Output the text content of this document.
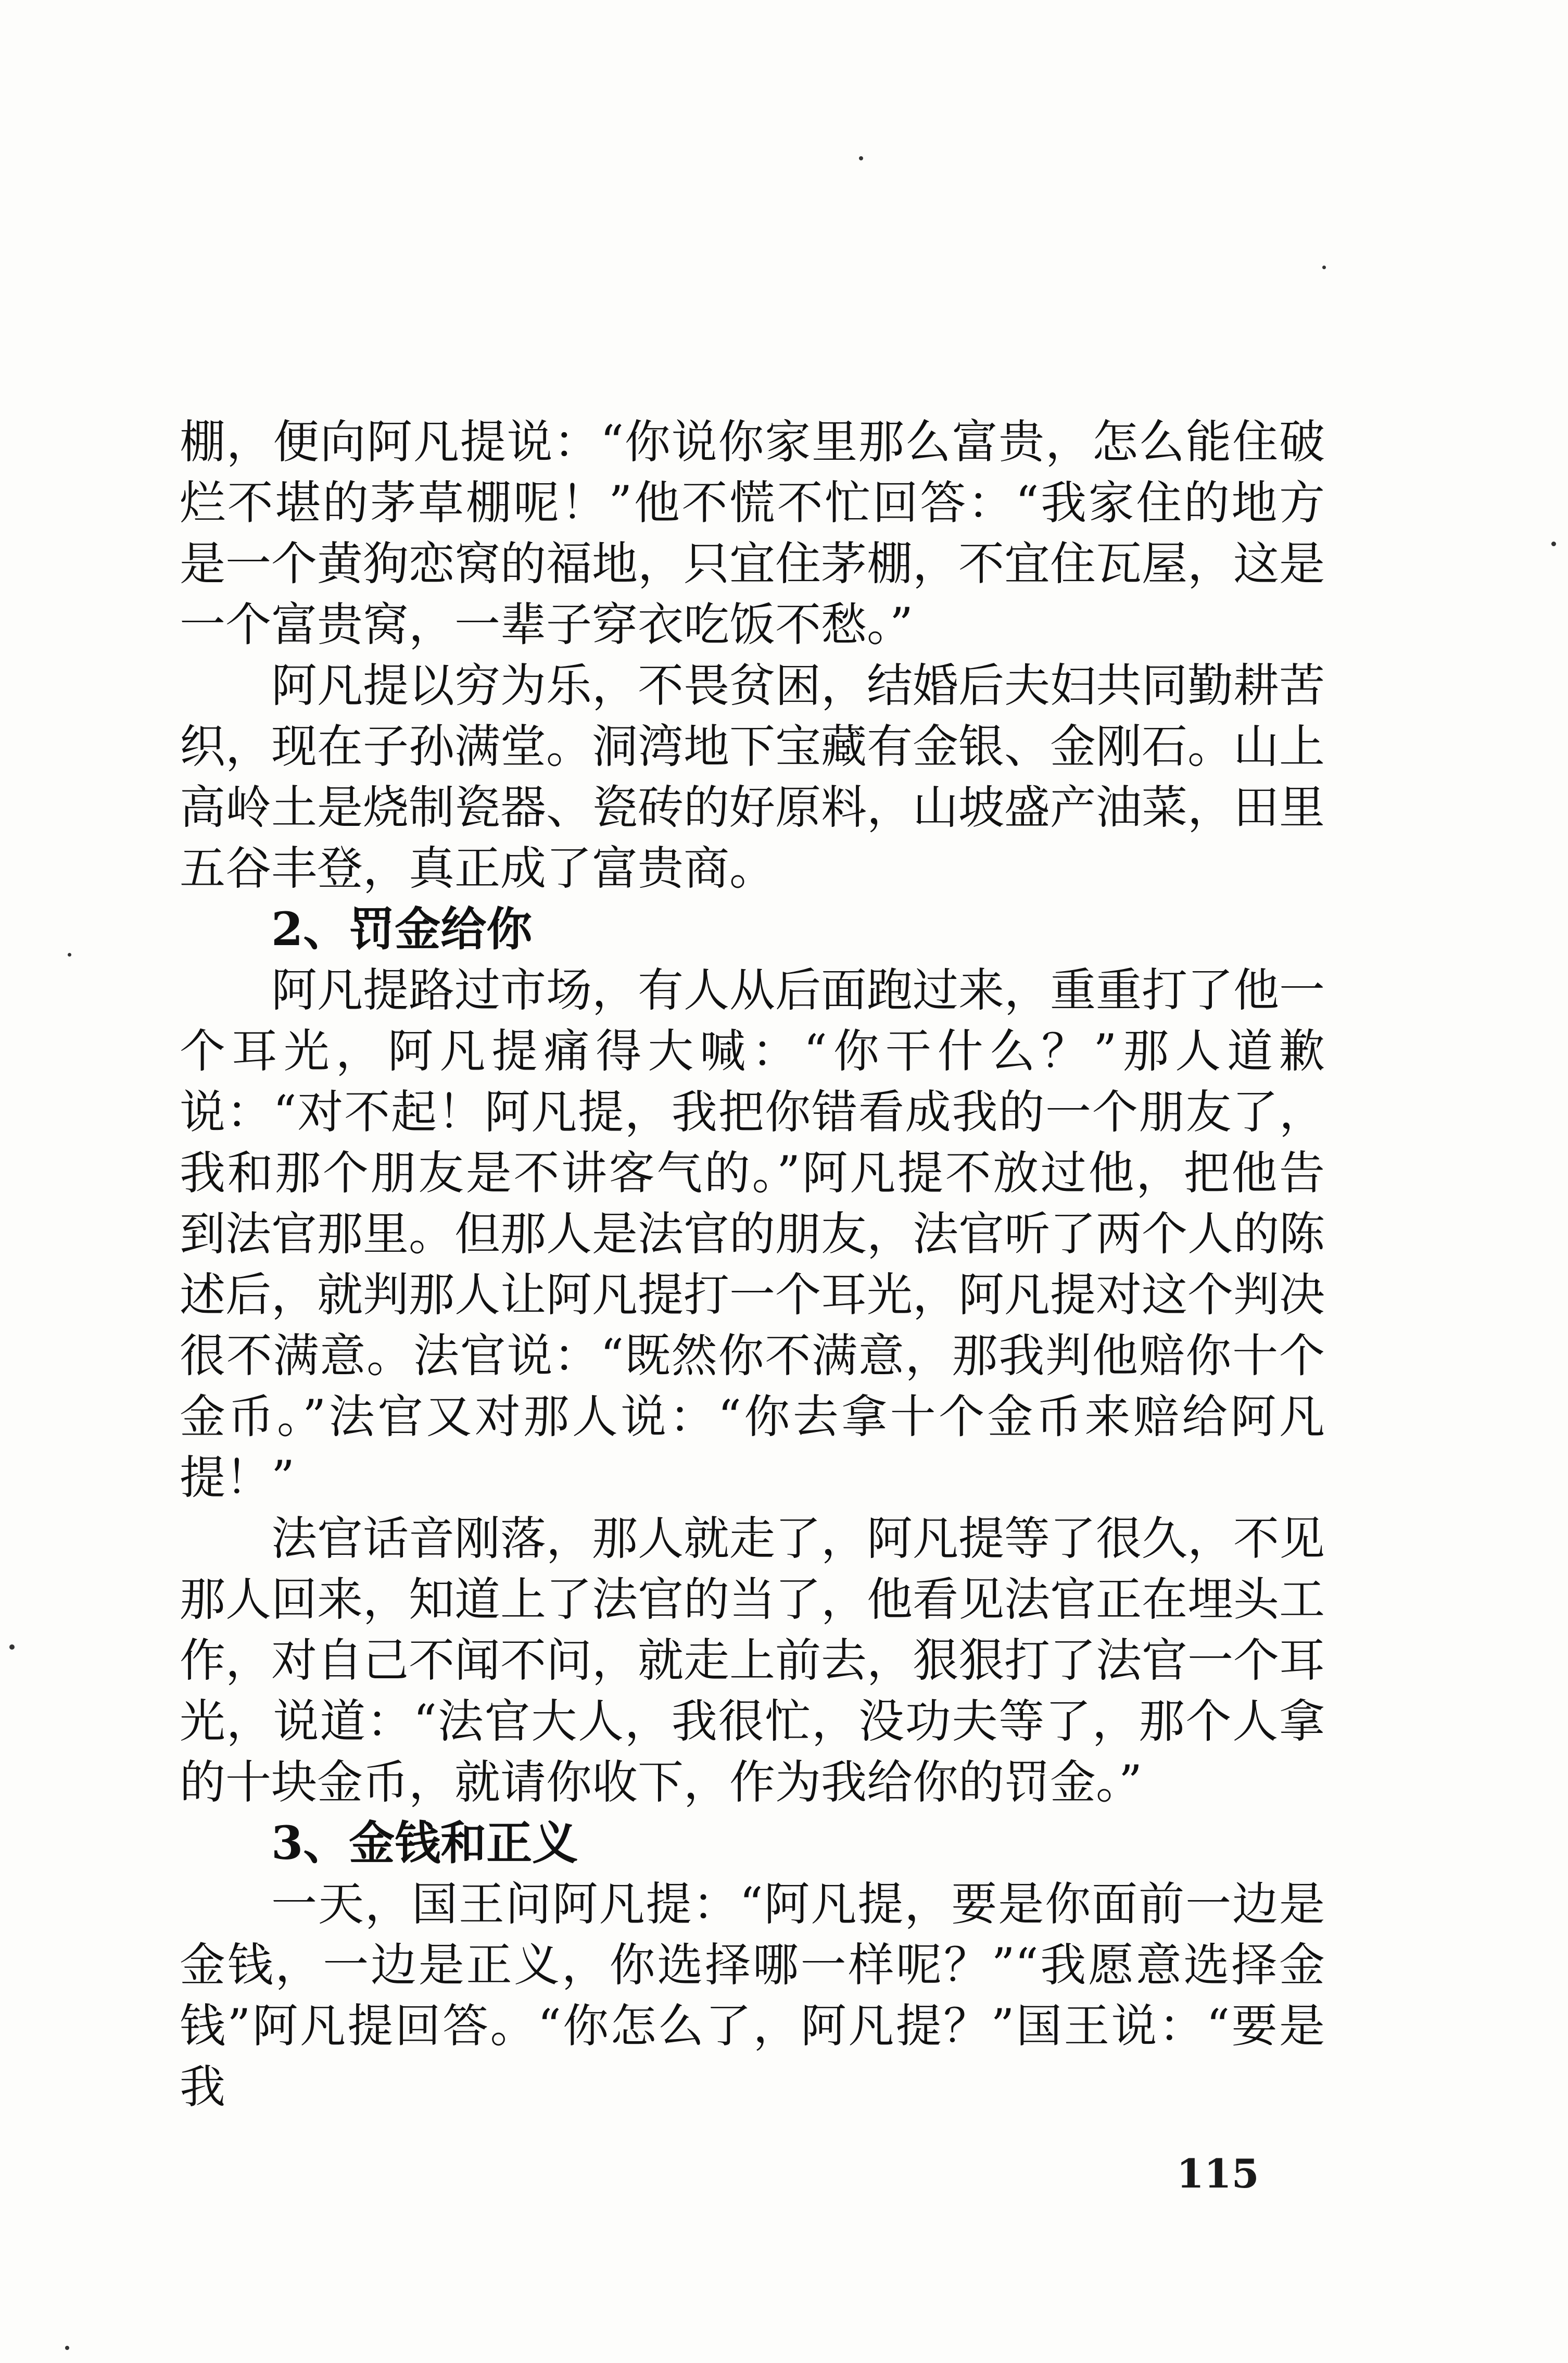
棚，便向阿凡提说：“你说你家里那么富贵，怎么能住破烂不堪的茅草棚呢！”他不慌不忙回答：“我家住的地方是一个黄狗恋窝的福地，只宜住茅棚，不宜住瓦屋，这是一个富贵窝，一辈子穿衣吃饭不愁。”

阿凡提以穷为乐，不畏贫困，结婚后夫妇共同勤耕苦织，现在子孙满堂。洞湾地下宝藏有金银、金刚石。山上高岭土是烧制瓷器、瓷砖的好原料，山坡盛产油菜，田里五谷丰登，真正成了富贵商。

2、罚金给你

阿凡提路过市场，有人从后面跑过来，重重打了他一个耳光，阿凡提痛得大喊：“你干什么？”那人道歉说：“对不起！阿凡提，我把你错看成我的一个朋友了，我和那个朋友是不讲客气的。”阿凡提不放过他，把他告到法官那里。但那人是法官的朋友，法官听了两个人的陈述后，就判那人让阿凡提打一个耳光，阿凡提对这个判决很不满意。法官说：“既然你不满意，那我判他赔你十个金币。”法官又对那人说：“你去拿十个金币来赔给阿凡提！”

法官话音刚落，那人就走了，阿凡提等了很久，不见那人回来，知道上了法官的当了，他看见法官正在埋头工作，对自己不闻不问，就走上前去，狠狠打了法官一个耳光，说道：“法官大人，我很忙，没功夫等了，那个人拿的十块金币，就请你收下，作为我给你的罚金。”

3、金钱和正义

一天，国王问阿凡提：“阿凡提，要是你面前一边是金钱，一边是正义，你选择哪一样呢？”“我愿意选择金钱”阿凡提回答。“你怎么了，阿凡提？”国王说：“要是我

115
